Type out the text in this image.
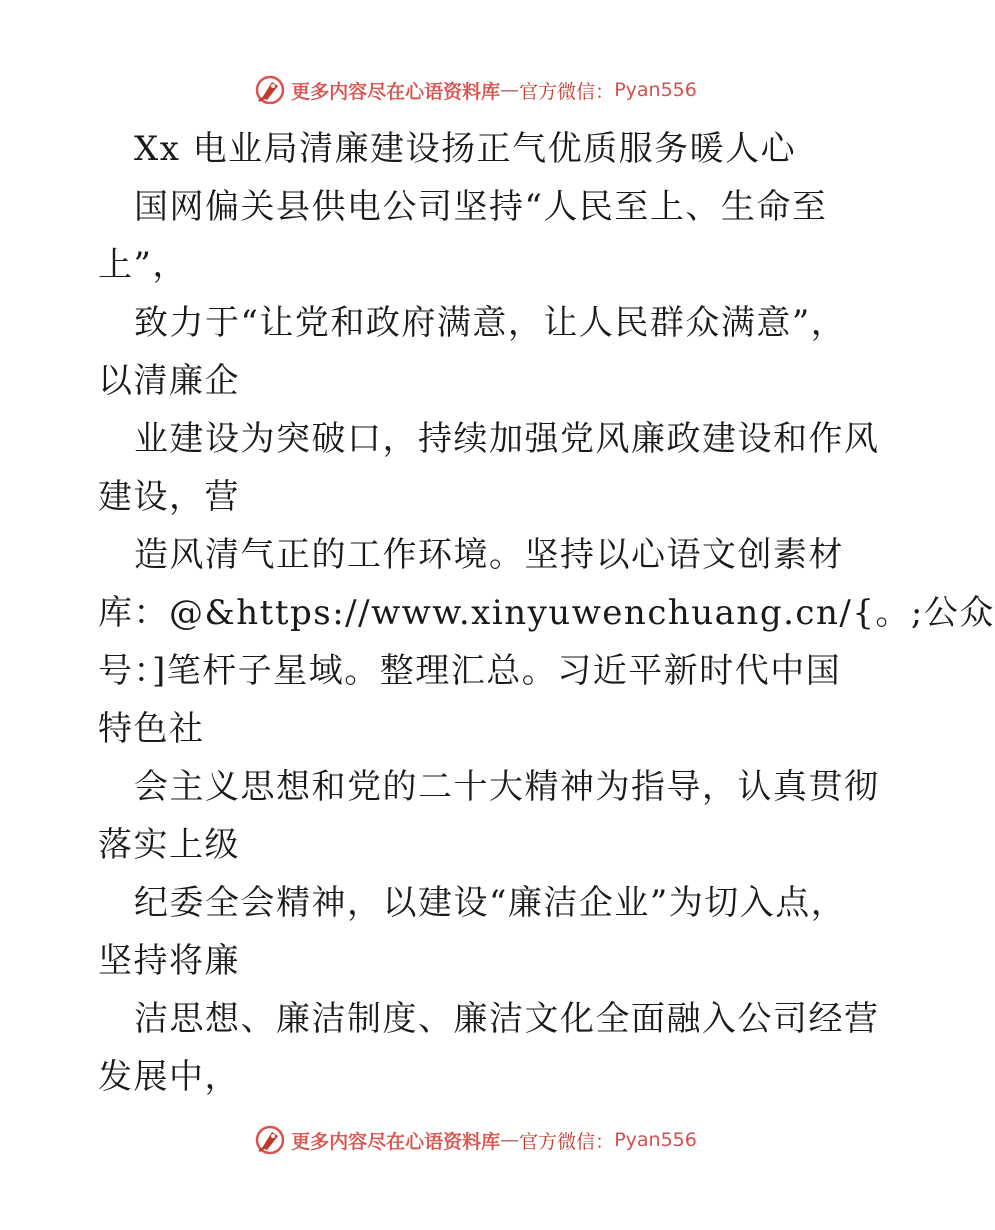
更多内容尽在心语资料库 — 官方微信： Pyan556

Xx 电业局清廉建设扬正气优质服务暖人心

国网偏关县供电公司坚持“人民至上、生命至

上”，

致力于“让党和政府满意，让人民群众满意”，

以清廉企

业建设为突破口，持续加强党风廉政建设和作风

建设，营

造风清气正的工作环境。坚持以心语文创素材

库：@&https://www.xinyuwenchuang.cn/{。;公众

号：]笔杆子星域。整理汇总。习近平新时代中国

特色社

会主义思想和党的二十大精神为指导，认真贯彻

落实上级

纪委全会精神，以建设“廉洁企业”为切入点，

坚持将廉

洁思想、廉洁制度、廉洁文化全面融入公司经营

发展中，

更多内容尽在心语资料库 — 官方微信： Pyan556
